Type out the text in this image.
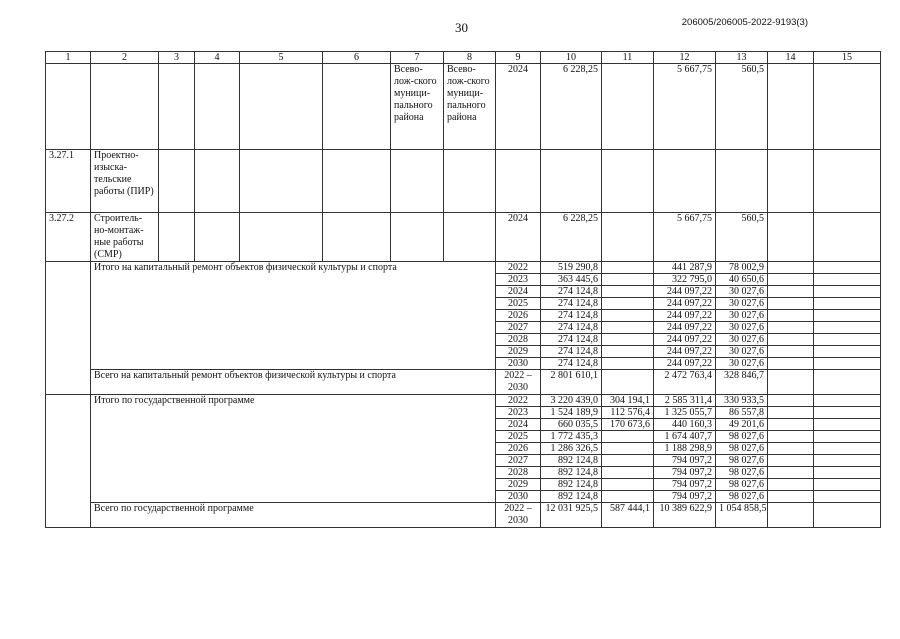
30	206005/206005-2022-9193(3)
1	2	3	4	5	6	7	8	9	10	11	12	13	14	15
						Всево-лож-ского муници-пального района	Всево-лож-ского муници-пального района	2024	6 228,25		5 667,75	560,5		
3.27.1	Проектно-изыска-тельские работы (ПИР)													
3.27.2	Строитель-но-монтаж-ные работы (СМР)							2024	6 228,25		5 667,75	560,5		
	Итого на капитальный ремонт объектов физической культуры и спорта							2022	519 290,8		441 287,9	78 002,9		
								2023	363 445,6		322 795,0	40 650,6		
								2024	274 124,8		244 097,22	30 027,6		
								2025	274 124,8		244 097,22	30 027,6		
								2026	274 124,8		244 097,22	30 027,6		
								2027	274 124,8		244 097,22	30 027,6		
								2028	274 124,8		244 097,22	30 027,6		
								2029	274 124,8		244 097,22	30 027,6		
								2030	274 124,8		244 097,22	30 027,6		
	Всего на капитальный ремонт объектов физической культуры и спорта							2022 – 2030	2 801 610,1		2 472 763,4	328 846,7		
	Итого по государственной программе							2022	3 220 439,0	304 194,1	2 585 311,4	330 933,5		
								2023	1 524 189,9	112 576,4	1 325 055,7	86 557,8		
								2024	660 035,5	170 673,6	440 160,3	49 201,6		
								2025	1 772 435,3		1 674 407,7	98 027,6		
								2026	1 286 326,5		1 188 298,9	98 027,6		
								2027	892 124,8		794 097,2	98 027,6		
								2028	892 124,8		794 097,2	98 027,6		
								2029	892 124,8		794 097,2	98 027,6		
								2030	892 124,8		794 097,2	98 027,6		
	Всего по государственной программе							2022 – 2030	12 031 925,5	587 444,1	10 389 622,9	1 054 858,5		
